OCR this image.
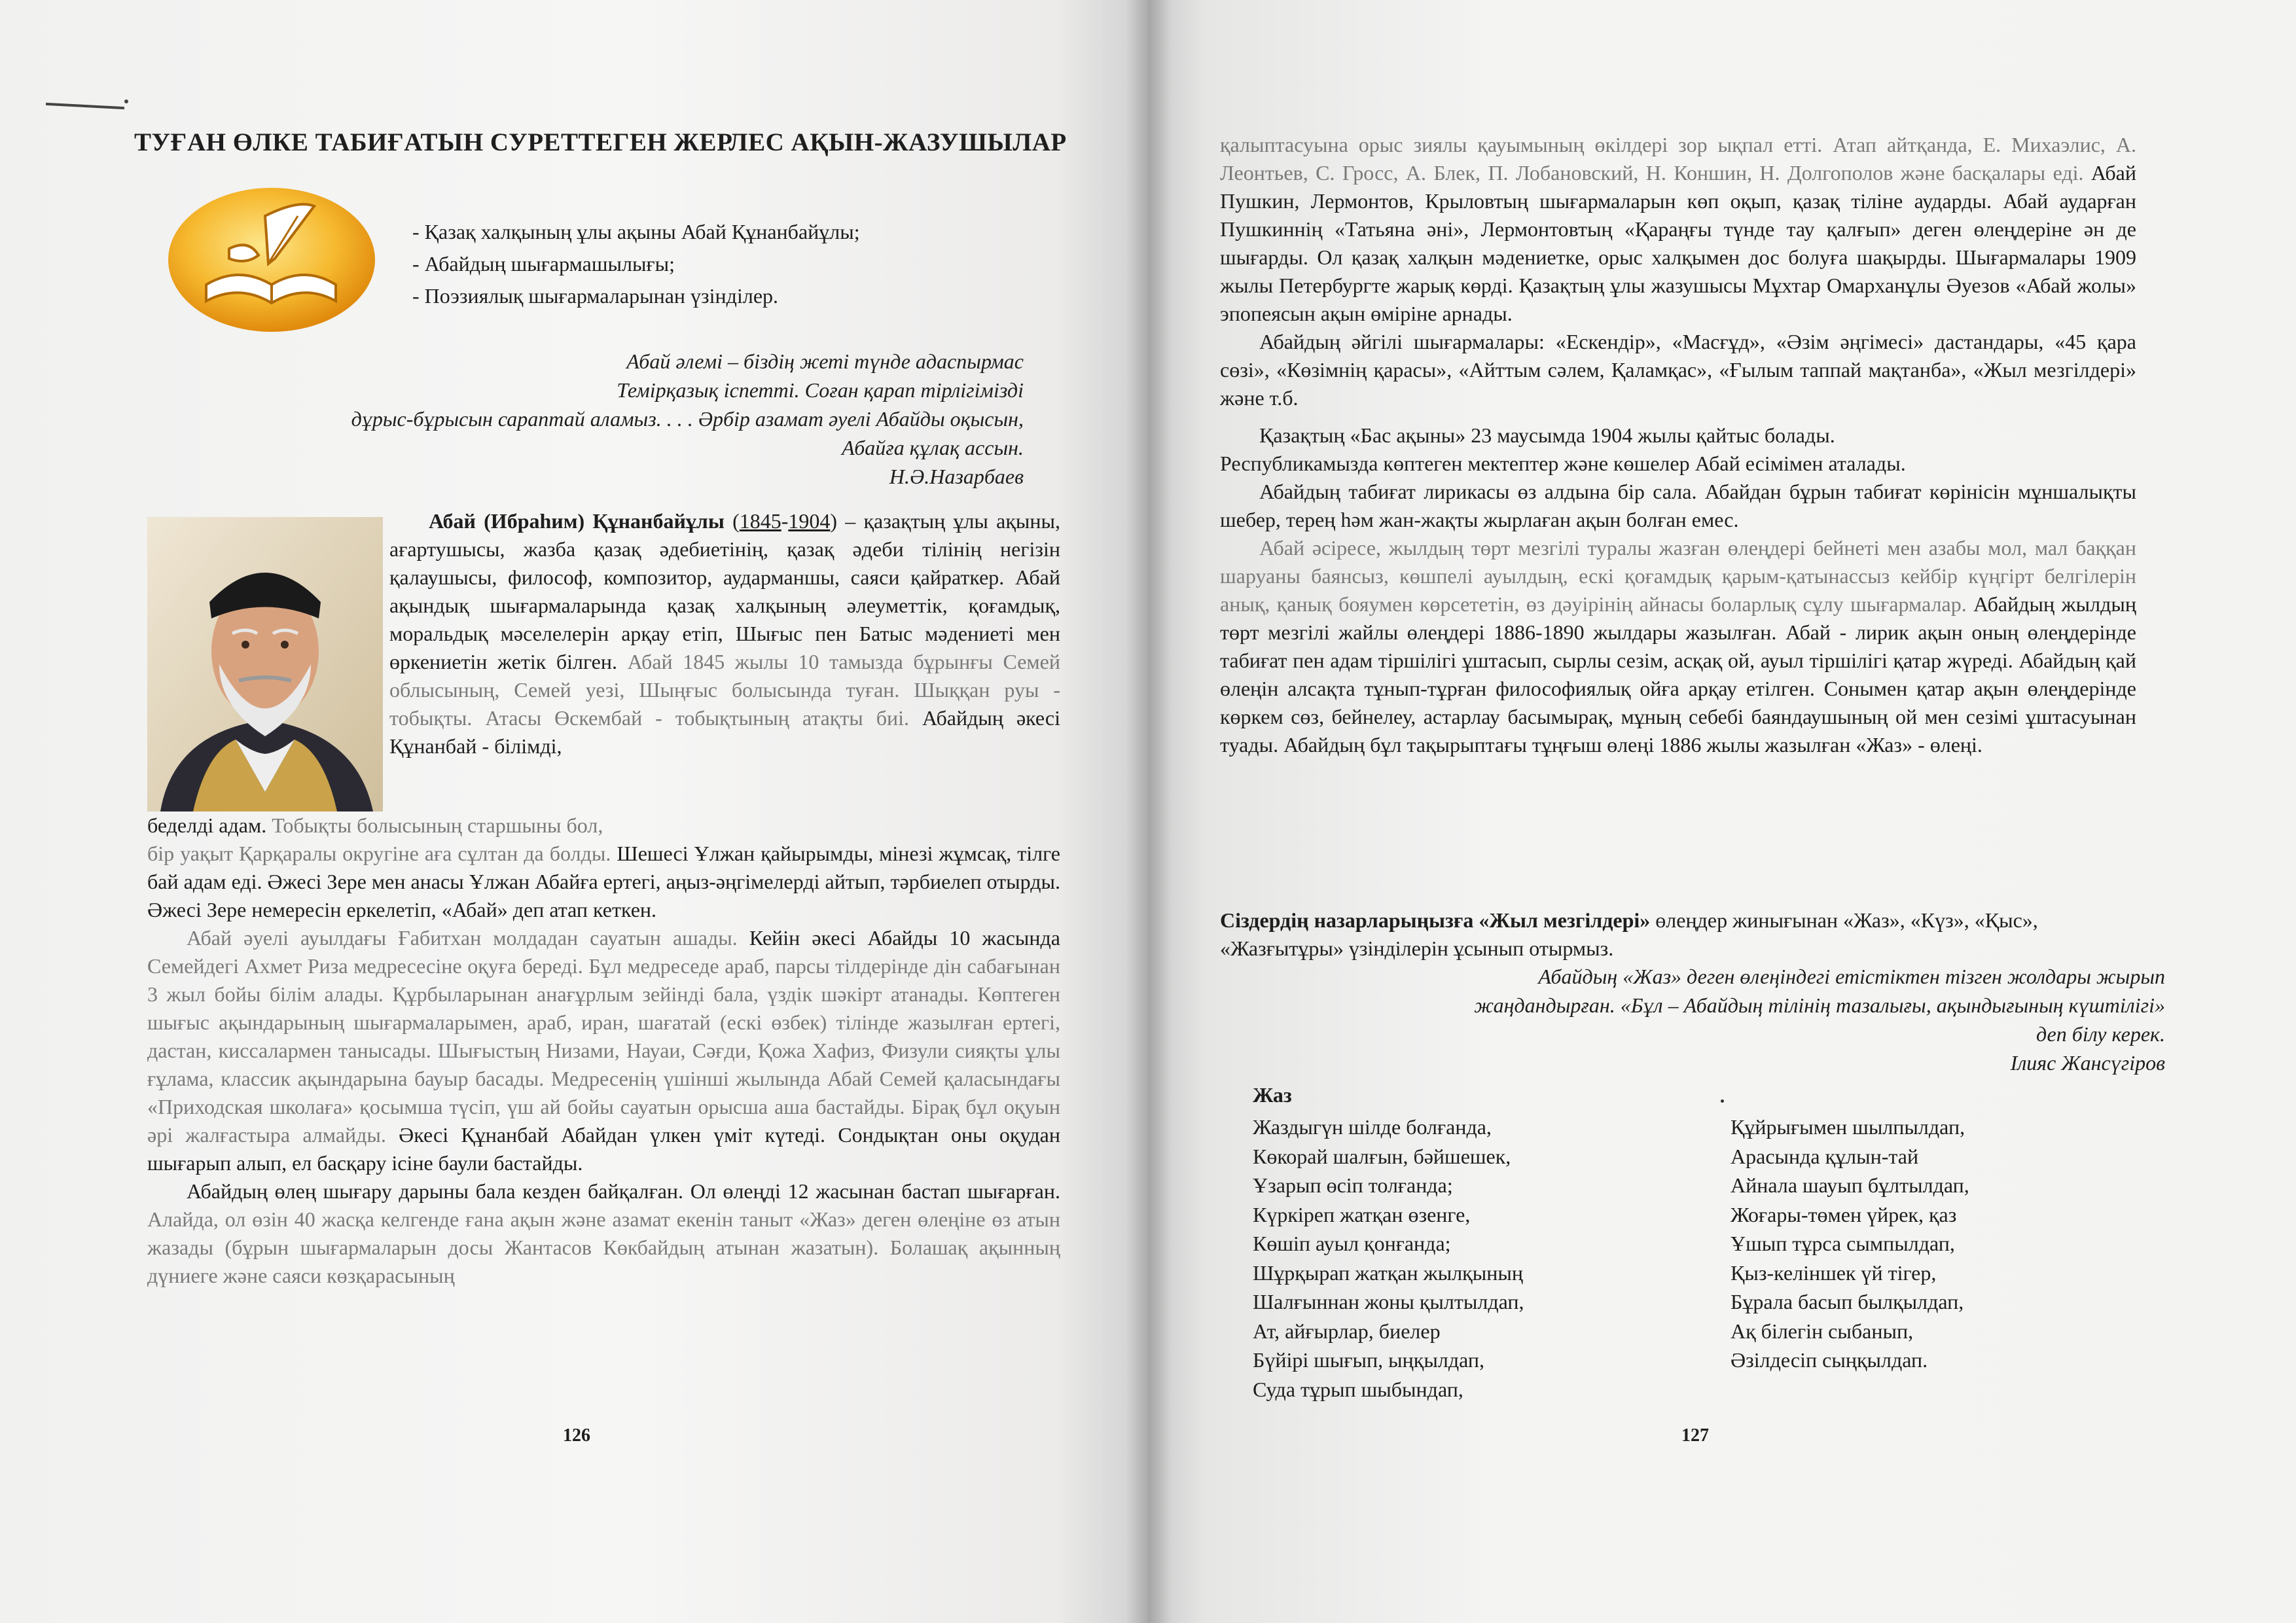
ТУҒАН ӨЛКЕ ТАБИҒАТЫН СУРЕТТЕГЕН ЖЕРЛЕС АҚЫН-ЖАЗУШЫЛАР
- Қазақ халқының ұлы ақыны Абай Құнанбайұлы;
- Абайдың шығармашылығы;
- Поэзиялық шығармаларынан үзінділер.
Абай әлемі – біздің жеті түнде адаспырмас
Темірқазық іспетті. Соған қарап тірлігімізді
дұрыс-бұрысын сараптай аламыз. . . . Әрбір азамат әуелі Абайды оқысын,
Абайға құлақ ассын.
Н.Ә.Назарбаев

Абай (Ибраһим) Құнанбайұлы (1845-1904) – қазақтың ұлы ақыны, ағартушысы, жазба қазақ әдебиетінің, қазақ әдеби тілінің негізін қалаушысы, философ, композитор, аударманшы, саяси қайраткер. Абай ақындық шығармаларында қазақ халқының әлеуметтік, қоғамдық, моральдық мәселелерін арқау етіп, Шығыс пен Батыс мәдениеті мен өркениетін жетік білген. Абай 1845 жылы 10 тамызда бұрынғы Семей облысының, Семей уезі, Шыңғыс болысында туған. Шыққан руы - тобықты. Атасы Өскембай - тобықтының атақты биі. Абайдың әкесі Құнанбай - білімді,

беделді адам. Тобықты болысының старшыны бол,
бір уақыт Қарқаралы округіне аға сұлтан да болды. Шешесі Ұлжан қайырымды, мінезі жұмсақ, тілге бай адам еді. Әжесі Зере мен анасы Ұлжан Абайға ертегі, аңыз-әңгімелерді айтып, тәрбиелеп отырды. Әжесі Зере немересін еркелетіп, «Абай» деп атап кеткен.

Абай әуелі ауылдағы Ғабитхан молдадан сауатын ашады. Кейін әкесі Абайды 10 жасында Семейдегі Ахмет Риза медресесіне оқуға береді. Бұл медреседе араб, парсы тілдерінде дін сабағынан 3 жыл бойы білім алады. Құрбыларынан анағұрлым зейінді бала, үздік шәкірт атанады. Көптеген шығыс ақындарының шығармаларымен, араб, иран, шағатай (ескі өзбек) тілінде жазылған ертегі, дастан, киссалармен танысады. Шығыстың Низами, Науаи, Сәғди, Қожа Хафиз, Физули сияқты ұлы ғұлама, классик ақындарына бауыр басады. Медресенің үшінші жылында Абай Семей қаласындағы «Приходская школаға» қосымша түсіп, үш ай бойы сауатын орысша аша бастайды. Бірақ бұл оқуын әрі жалғастыра алмайды. Әкесі Құнанбай Абайдан үлкен үміт күтеді. Сондықтан оны оқудан шығарып алып, ел басқару ісіне баули бастайды.

Абайдың өлең шығару дарыны бала кезден байқалған. Ол өлеңді 12 жасынан бастап шығарған. Алайда, ол өзін 40 жасқа келгенде ғана ақын және азамат екенін таныт «Жаз» деген өлеңіне өз атын жазады (бұрын шығармаларын досы Жантасов Көкбайдың атынан жазатын). Болашақ ақынның дүниеге және саяси көзқарасының

126

қалыптасуына орыс зиялы қауымының өкілдері зор ықпал етті. Атап айтқанда, Е. Михаэлис, А. Леонтьев, С. Гросс, А. Блек, П. Лобановский, Н. Коншин, Н. Долгополов және басқалары еді. Абай Пушкин, Лермонтов, Крыловтың шығармаларын көп оқып, қазақ тіліне аударды. Абай аударған Пушкиннің «Татьяна әні», Лермонтовтың «Қараңғы түнде тау қалғып» деген өлеңдеріне ән де шығарды. Ол қазақ халқын мәдениетке, орыс халқымен дос болуға шақырды. Шығармалары 1909 жылы Петербургте жарық көрді. Қазақтың ұлы жазушысы Мұхтар Омарханұлы Әуезов «Абай жолы» эпопеясын ақын өміріне арнады.

Абайдың әйгілі шығармалары: «Ескендір», «Масғұд», «Әзім әңгімесі» дастандары, «45 қара сөзі», «Көзімнің қарасы», «Айттым сәлем, Қаламқас», «Ғылым таппай мақтанба», «Жыл мезгілдері» және т.б.

Қазақтың «Бас ақыны» 23 маусымда 1904 жылы қайтыс болады.

Республикамызда көптеген мектептер және көшелер Абай есімімен аталады.

Абайдың табиғат лирикасы өз алдына бір сала. Абайдан бұрын табиғат көрінісін мұншалықты шебер, терең һәм жан-жақты жырлаған ақын болған емес.

Абай әсіресе, жылдың төрт мезгілі туралы жазған өлеңдері бейнеті мен азабы мол, мал баққан шаруаны баянсыз, көшпелі ауылдың, ескі қоғамдық қарым-қатынассыз кейбір күңгірт белгілерін анық, қанық бояумен көрсететін, өз дәуірінің айнасы боларлық сұлу шығармалар. Абайдың жылдың төрт мезгілі жайлы өлеңдері 1886-1890 жылдары жазылған. Абай - лирик ақын оның өлеңдерінде табиғат пен адам тіршілігі ұштасып, сырлы сезім, асқақ ой, ауыл тіршілігі қатар жүреді. Абайдың қай өлеңін алсақта тұнып-тұрған философиялық ойға арқау етілген. Сонымен қатар ақын өлеңдерінде көркем сөз, бейнелеу, астарлау басымырақ, мұның себебі баяндаушының ой мен сезімі ұштасуынан туады. Абайдың бұл тақырыптағы тұңғыш өлеңі 1886 жылы жазылған «Жаз» - өлеңі.

Сіздердің назарларыңызға «Жыл мезгілдері» өлеңдер жинығынан «Жаз», «Күз», «Қыс», «Жазғытұры» үзінділерін ұсынып отырмыз.
Абайдың «Жаз» деген өлеңіндегі етістіктен тізген жолдары жырып
жаңдандырған. «Бұл – Абайдың тілінің тазалығы, ақындығының күштілігі»
деп білу керек.
Ілияс Жансүгіров
Жаз
Жаздыгүн шілде болғанда,
Көкорай шалғын, бәйшешек,
Ұзарып өсіп толғанда;
Күркіреп жатқан өзенге,
Көшіп ауыл қонғанда;
Шұрқырап жатқан жылқының
Шалғыннан жоны қылтылдап,
Ат, айғырлар, биелер
Бүйірі шығып, ыңқылдап,
Суда тұрып шыбындап,
Құйрығымен шылпылдап,
Арасында құлын-тай
Айнала шауып бұлтылдап,
Жоғары-төмен үйрек, қаз
Ұшып тұрса сымпылдап,
Қыз-келіншек үй тігер,
Бұрала басып былқылдап,
Ақ білегін сыбанып,
Әзілдесіп сыңқылдап.
127
